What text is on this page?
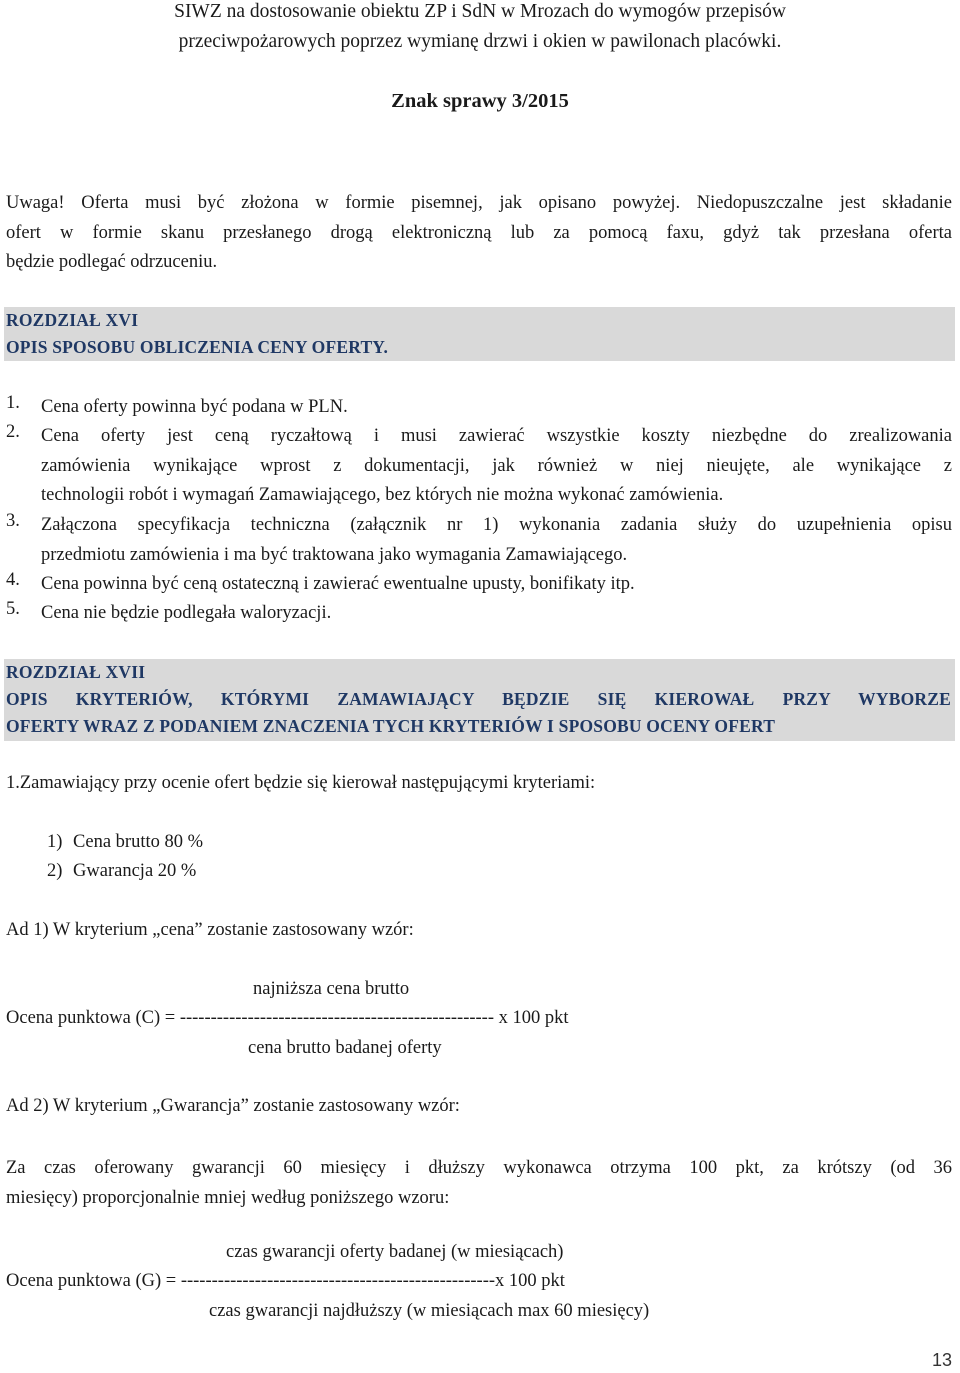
SIWZ na dostosowanie obiektu ZP i SdN w Mrozach do wymogów przepisów
przeciwpożarowych poprzez wymianę drzwi i okien w pawilonach placówki.
Znak sprawy 3/2015
Uwaga! Oferta musi być złożona w formie pisemnej, jak opisano powyżej. Niedopuszczalne jest składanie
ofert w formie skanu przesłanego drogą elektroniczną lub za pomocą faxu, gdyż tak przesłana oferta
będzie podlegać odrzuceniu.
ROZDZIAŁ XVI
OPIS SPOSOBU OBLICZENIA CENY OFERTY.
1.	Cena oferty powinna być podana w PLN.
2.	Cena oferty jest ceną ryczałtową i musi zawierać wszystkie koszty niezbędne do zrealizowania
zamówienia wynikające wprost z dokumentacji, jak również w niej nieujęte, ale wynikające z
technologii robót i wymagań Zamawiającego, bez których nie można wykonać zamówienia.
3.	Załączona specyfikacja techniczna (załącznik nr 1) wykonania zadania służy do uzupełnienia opisu
przedmiotu zamówienia i ma być traktowana jako wymagania Zamawiającego.
4.	Cena powinna być ceną ostateczną i zawierać ewentualne upusty, bonifikaty itp.
5.	Cena nie będzie podlegała waloryzacji.
ROZDZIAŁ XVII
OPIS KRYTERIÓW, KTÓRYMI ZAMAWIAJĄCY BĘDZIE SIĘ KIEROWAŁ PRZY WYBORZE
OFERTY WRAZ Z PODANIEM ZNACZENIA TYCH KRYTERIÓW I SPOSOBU OCENY OFERT
1.Zamawiający przy ocenie ofert będzie się kierował następującymi kryteriami:
1) Cena brutto 80 %
2) Gwarancja 20 %
Ad 1) W kryterium „cena” zostanie zastosowany wzór:
najniższa cena brutto
Ocena punktowa (C) = --------------------------------------------------- x 100 pkt
cena brutto badanej oferty
Ad 2) W kryterium „Gwarancja” zostanie zastosowany wzór:
Za czas oferowany gwarancji 60 miesięcy i dłuższy wykonawca otrzyma 100 pkt, za krótszy (od 36
miesięcy) proporcjonalnie mniej według poniższego wzoru:
czas gwarancji oferty badanej (w miesiącach)
Ocena punktowa (G) = ---------------------------------------------------x 100 pkt
czas gwarancji najdłuższy (w miesiącach max 60 miesięcy)
13
